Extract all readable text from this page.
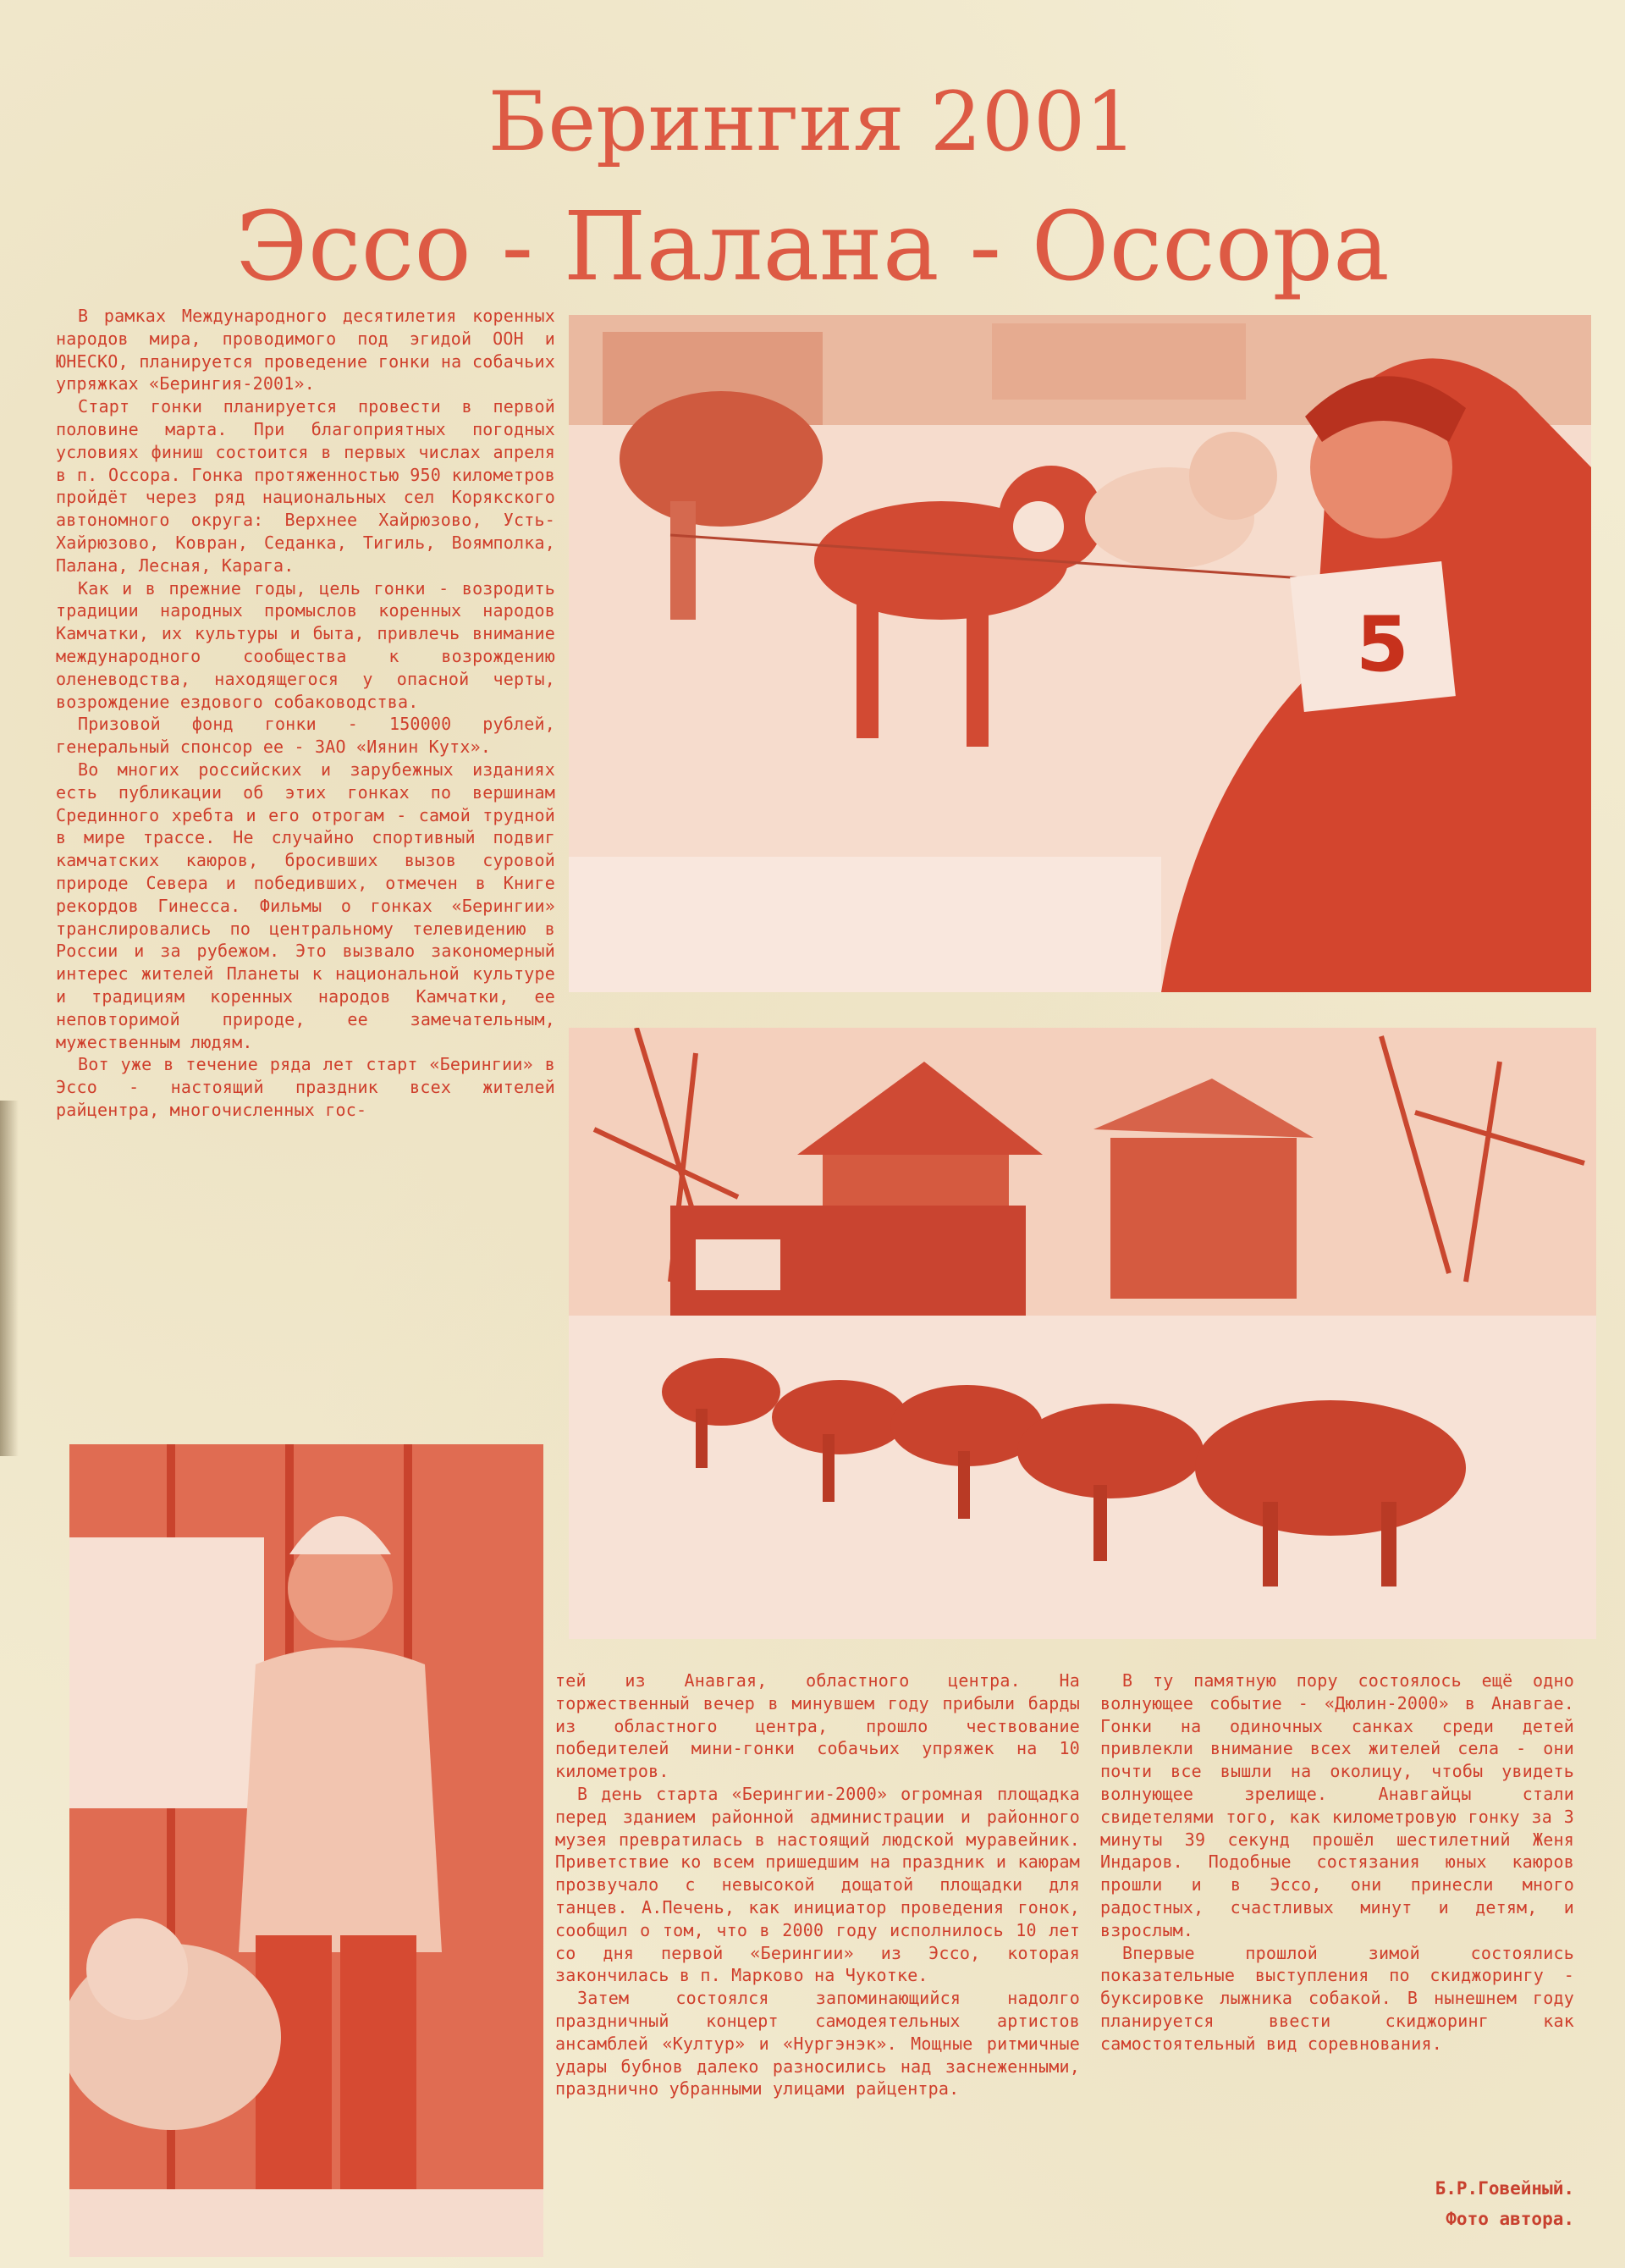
Берингия 2001
Эссо - Палана - Оссора

В рамках Международного десятилетия коренных народов мира, проводимого под эгидой ООН и ЮНЕСКО, планируется проведение гонки на собачьих упряжках «Берингия-2001».

Старт гонки планируется провести в первой половине марта. При благоприятных погодных условиях финиш состоится в первых числах апреля в п. Оссора. Гонка протяженностью 950 километров пройдёт через ряд национальных сел Корякского автономного округа: Верхнее Хайрюзово, Усть-Хайрюзово, Ковран, Седанка, Тигиль, Воямполка, Палана, Лесная, Карага.

Как и в прежние годы, цель гонки - возродить традиции народных промыслов коренных народов Камчатки, их культуры и быта, привлечь внимание международного сообщества к возрождению оленеводства, находящегося у опасной черты, возрождение ездового собаководства.

Призовой фонд гонки - 150000 рублей, генеральный спонсор ее - ЗАО «Иянин Кутх».

Во многих российских и зарубежных изданиях есть публикации об этих гонках по вершинам Срединного хребта и его отрогам - самой трудной в мире трассе. Не случайно спортивный подвиг камчатских каюров, бросивших вызов суровой природе Севера и победивших, отмечен в Книге рекордов Гинесса. Фильмы о гонках «Берингии» транслировались по центральному телевидению в России и за рубежом. Это вызвало закономерный интерес жителей Планеты к национальной культуре и традициям коренных народов Камчатки, ее неповторимой природе, ее замечательным, мужественным людям.

Вот уже в течение ряда лет старт «Берингии» в Эссо - настоящий праздник всех жителей райцентра, многочисленных гос-

5

тей из Анавгая, областного центра. На торжественный вечер в минувшем году прибыли барды из областного центра, прошло чествование победителей мини-гонки собачьих упряжек на 10 километров.

В день старта «Берингии-2000» огромная площадка перед зданием районной администрации и районного музея превратилась в настоящий людской муравейник. Приветствие ко всем пришедшим на праздник и каюрам прозвучало с невысокой дощатой площадки для танцев. А.Печень, как инициатор проведения гонок, сообщил о том, что в 2000 году исполнилось 10 лет со дня первой «Берингии» из Эссо, которая закончилась в п. Марково на Чукотке.

Затем состоялся запоминающийся надолго праздничный концерт самодеятельных артистов ансамблей «Култур» и «Нургэнэк». Мощные ритмичные удары бубнов далеко разносились над заснеженными, празднично убранными улицами райцентра.

В ту памятную пору состоялось ещё одно волнующее событие - «Дюлин-2000» в Анавгае. Гонки на одиночных санках среди детей привлекли внимание всех жителей села - они почти все вышли на околицу, чтобы увидеть волнующее зрелище. Анавгайцы стали свидетелями того, как километровую гонку за 3 минуты 39 секунд прошёл шестилетний Женя Индаров. Подобные состязания юных каюров прошли и в Эссо, они принесли много радостных, счастливых минут и детям, и взрослым.

Впервые прошлой зимой состоялись показательные выступления по скиджорингу - буксировке лыжника собакой. В нынешнем году планируется ввести скиджоринг как самостоятельный вид соревнования.

Б.Р.Говейный.
Фото автора.
